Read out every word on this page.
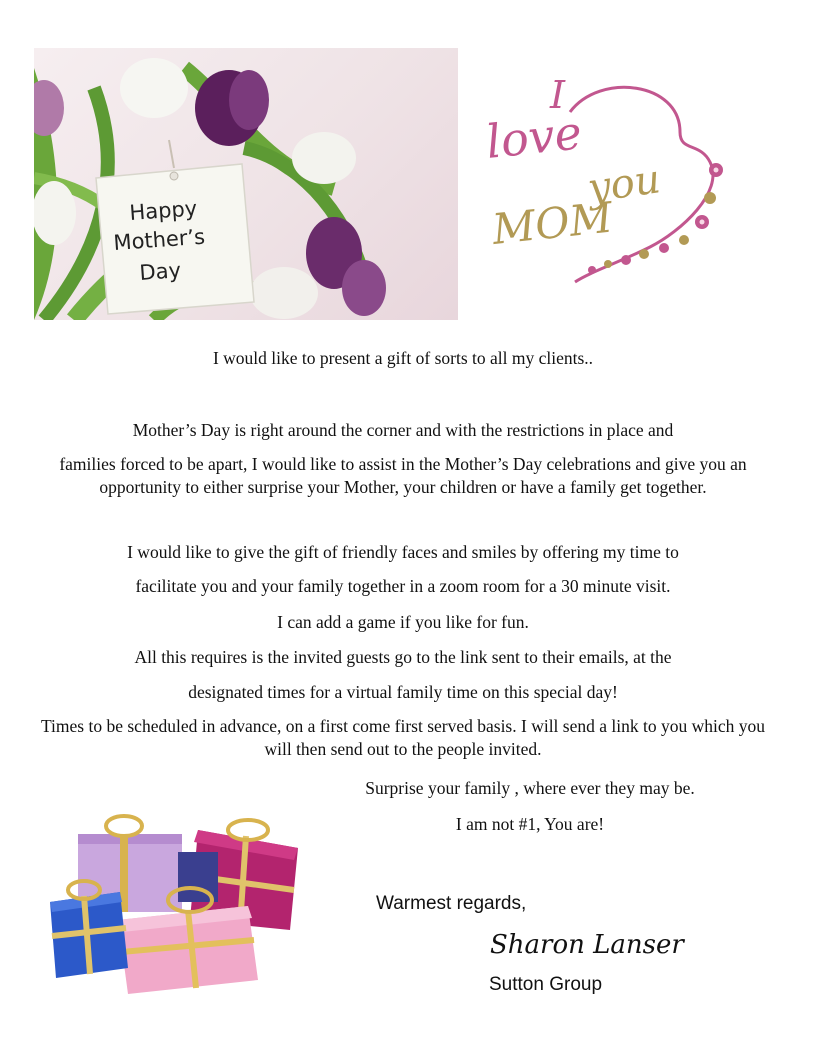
Happy
Mother’s
Day
I
love
you
MOM
I would like to present a gift of sorts to all my clients..
Mother’s Day is right around the corner and with the restrictions in place and
families forced to be apart, I would like to assist in the Mother’s Day celebrations and give you an opportunity to either surprise your Mother, your children or have a family get together.
I would like to give the gift of friendly faces and smiles by offering my time to
facilitate you and your family together in a zoom room for a 30 minute visit.
I can add a game if you like for fun.
All this requires is the invited guests go to the link sent to their emails, at the
designated times for a virtual family time on this special day!
Times to be scheduled in advance, on a first come first served basis. I will send a link to you which you will then send out to the people invited.
Surprise your family , where ever they may be.
I am not #1, You are!
Warmest regards,
Sharon Lanser
Sutton Group
